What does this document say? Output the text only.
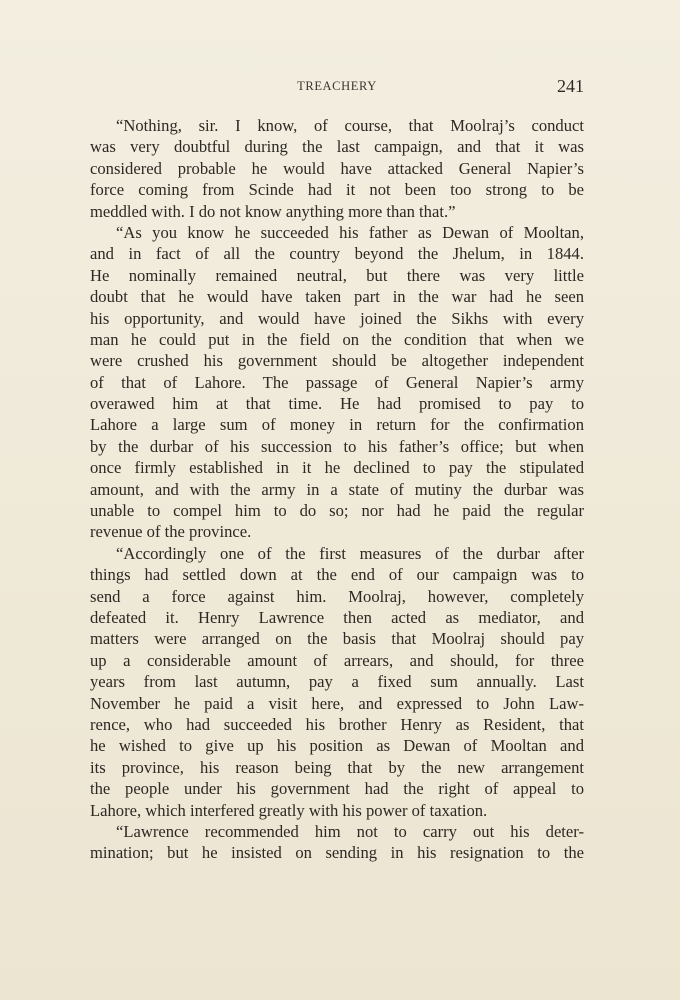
TREACHERY	241
“Nothing, sir. I know, of course, that Moolraj’s conduct
was very doubtful during the last campaign, and that it was
considered probable he would have attacked General Napier’s
force coming from Scinde had it not been too strong to be
meddled with. I do not know anything more than that.”
“As you know he succeeded his father as Dewan of Mooltan,
and in fact of all the country beyond the Jhelum, in 1844.
He nominally remained neutral, but there was very little
doubt that he would have taken part in the war had he seen
his opportunity, and would have joined the Sikhs with every
man he could put in the field on the condition that when we
were crushed his government should be altogether independent
of that of Lahore. The passage of General Napier’s army
overawed him at that time. He had promised to pay to
Lahore a large sum of money in return for the confirmation
by the durbar of his succession to his father’s office; but when
once firmly established in it he declined to pay the stipulated
amount, and with the army in a state of mutiny the durbar was
unable to compel him to do so; nor had he paid the regular
revenue of the province.
“Accordingly one of the first measures of the durbar after
things had settled down at the end of our campaign was to
send a force against him. Moolraj, however, completely
defeated it. Henry Lawrence then acted as mediator, and
matters were arranged on the basis that Moolraj should pay
up a considerable amount of arrears, and should, for three
years from last autumn, pay a fixed sum annually. Last
November he paid a visit here, and expressed to John Law-
rence, who had succeeded his brother Henry as Resident, that
he wished to give up his position as Dewan of Mooltan and
its province, his reason being that by the new arrangement
the people under his government had the right of appeal to
Lahore, which interfered greatly with his power of taxation.
“Lawrence recommended him not to carry out his deter-
mination; but he insisted on sending in his resignation to the
